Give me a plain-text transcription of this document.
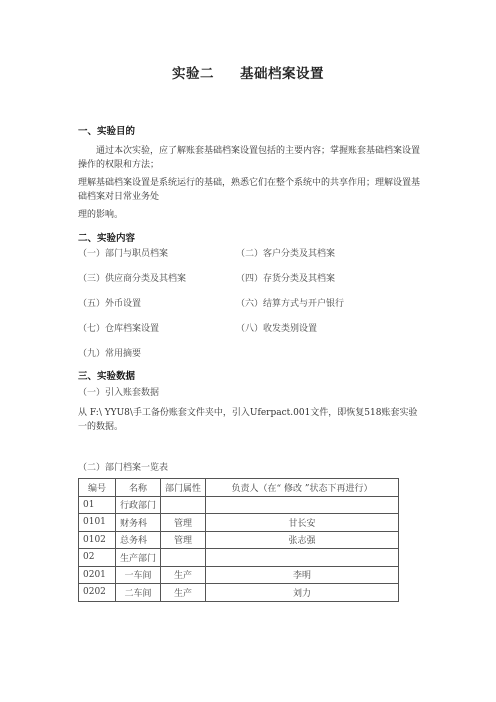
实验二 基础档案设置
一、实验目的
通过本次实验，应了解账套基础档案设置包括的主要内容；掌握账套基础档案设置操作的权限和方法；
理解基础档案设置是系统运行的基础，熟悉它们在整个系统中的共享作用；理解设置基础档案对日常业务处
理的影响。
二、实验内容
（一）部门与职员档案	（二）客户分类及其档案
（三）供应商分类及其档案	（四）存货分类及其档案
（五）外币设置	（六）结算方式与开户银行
（七）仓库档案设置	（八）收发类别设置
（九）常用摘要
三、实验数据
（一）引入账套数据
从 F:\ YYU8\手工备份账套文件夹中，引入Uferpact.001文件，即恢复518账套实验一的数据。
（二）部门档案一览表
编号	名称	部门属性	负责人（在“ 修改 ”状态下再进行）
01	行政部门		
0101	财务科	管理	甘长安
0102	总务科	管理	张志强
02	生产部门		
0201	一车间	生产	李明
0202	二车间	生产	刘力
